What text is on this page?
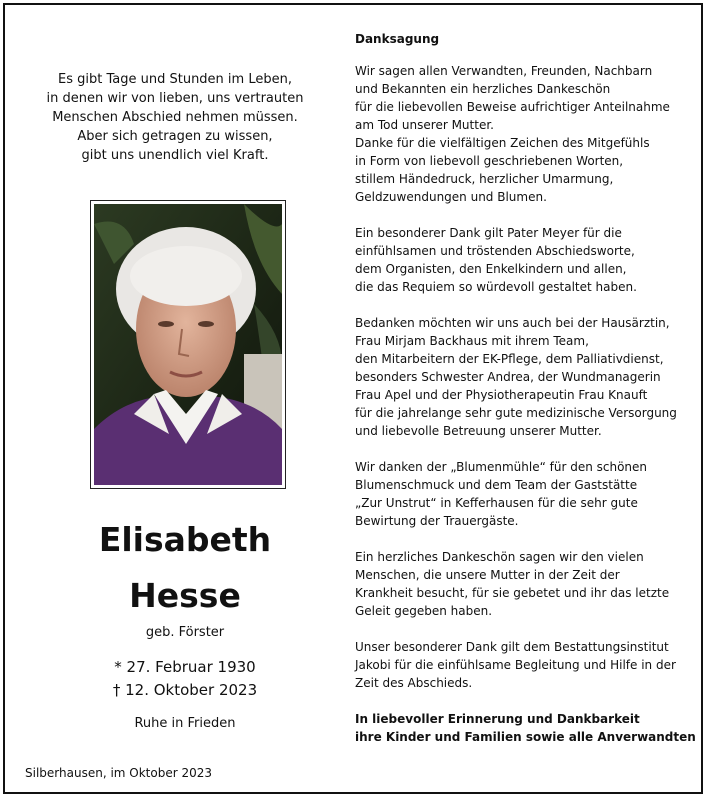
Es gibt Tage und Stunden im Leben,
in denen wir von lieben, uns vertrauten
Menschen Abschied nehmen müssen.
Aber sich getragen zu wissen,
gibt uns unendlich viel Kraft.
Elisabeth
Hesse
geb. Förster
* 27. Februar 1930
† 12. Oktober 2023
Ruhe in Frieden
Silberhausen, im Oktober 2023
Danksagung
Wir sagen allen Verwandten, Freunden, Nachbarn
und Bekannten ein herzliches Dankeschön
für die liebevollen Beweise aufrichtiger Anteilnahme
am Tod unserer Mutter.
Danke für die vielfältigen Zeichen des Mitgefühls
in Form von liebevoll geschriebenen Worten,
stillem Händedruck, herzlicher Umarmung,
Geldzuwendungen und Blumen.
Ein besonderer Dank gilt Pater Meyer für die
einfühlsamen und tröstenden Abschiedsworte,
dem Organisten, den Enkelkindern und allen,
die das Requiem so würdevoll gestaltet haben.
Bedanken möchten wir uns auch bei der Hausärztin,
Frau Mirjam Backhaus mit ihrem Team,
den Mitarbeitern der EK-Pflege, dem Palliativdienst,
besonders Schwester Andrea, der Wundmanagerin
Frau Apel und der Physiotherapeutin Frau Knauft
für die jahrelange sehr gute medizinische Versorgung
und liebevolle Betreuung unserer Mutter.
Wir danken der „Blumenmühle“ für den schönen
Blumenschmuck und dem Team der Gaststätte
„Zur Unstrut“ in Kefferhausen für die sehr gute
Bewirtung der Trauergäste.
Ein herzliches Dankeschön sagen wir den vielen
Menschen, die unsere Mutter in der Zeit der
Krankheit besucht, für sie gebetet und ihr das letzte
Geleit gegeben haben.
Unser besonderer Dank gilt dem Bestattungsinstitut
Jakobi für die einfühlsame Begleitung und Hilfe in der
Zeit des Abschieds.
In liebevoller Erinnerung und Dankbarkeit
ihre Kinder und Familien sowie alle Anverwandten
